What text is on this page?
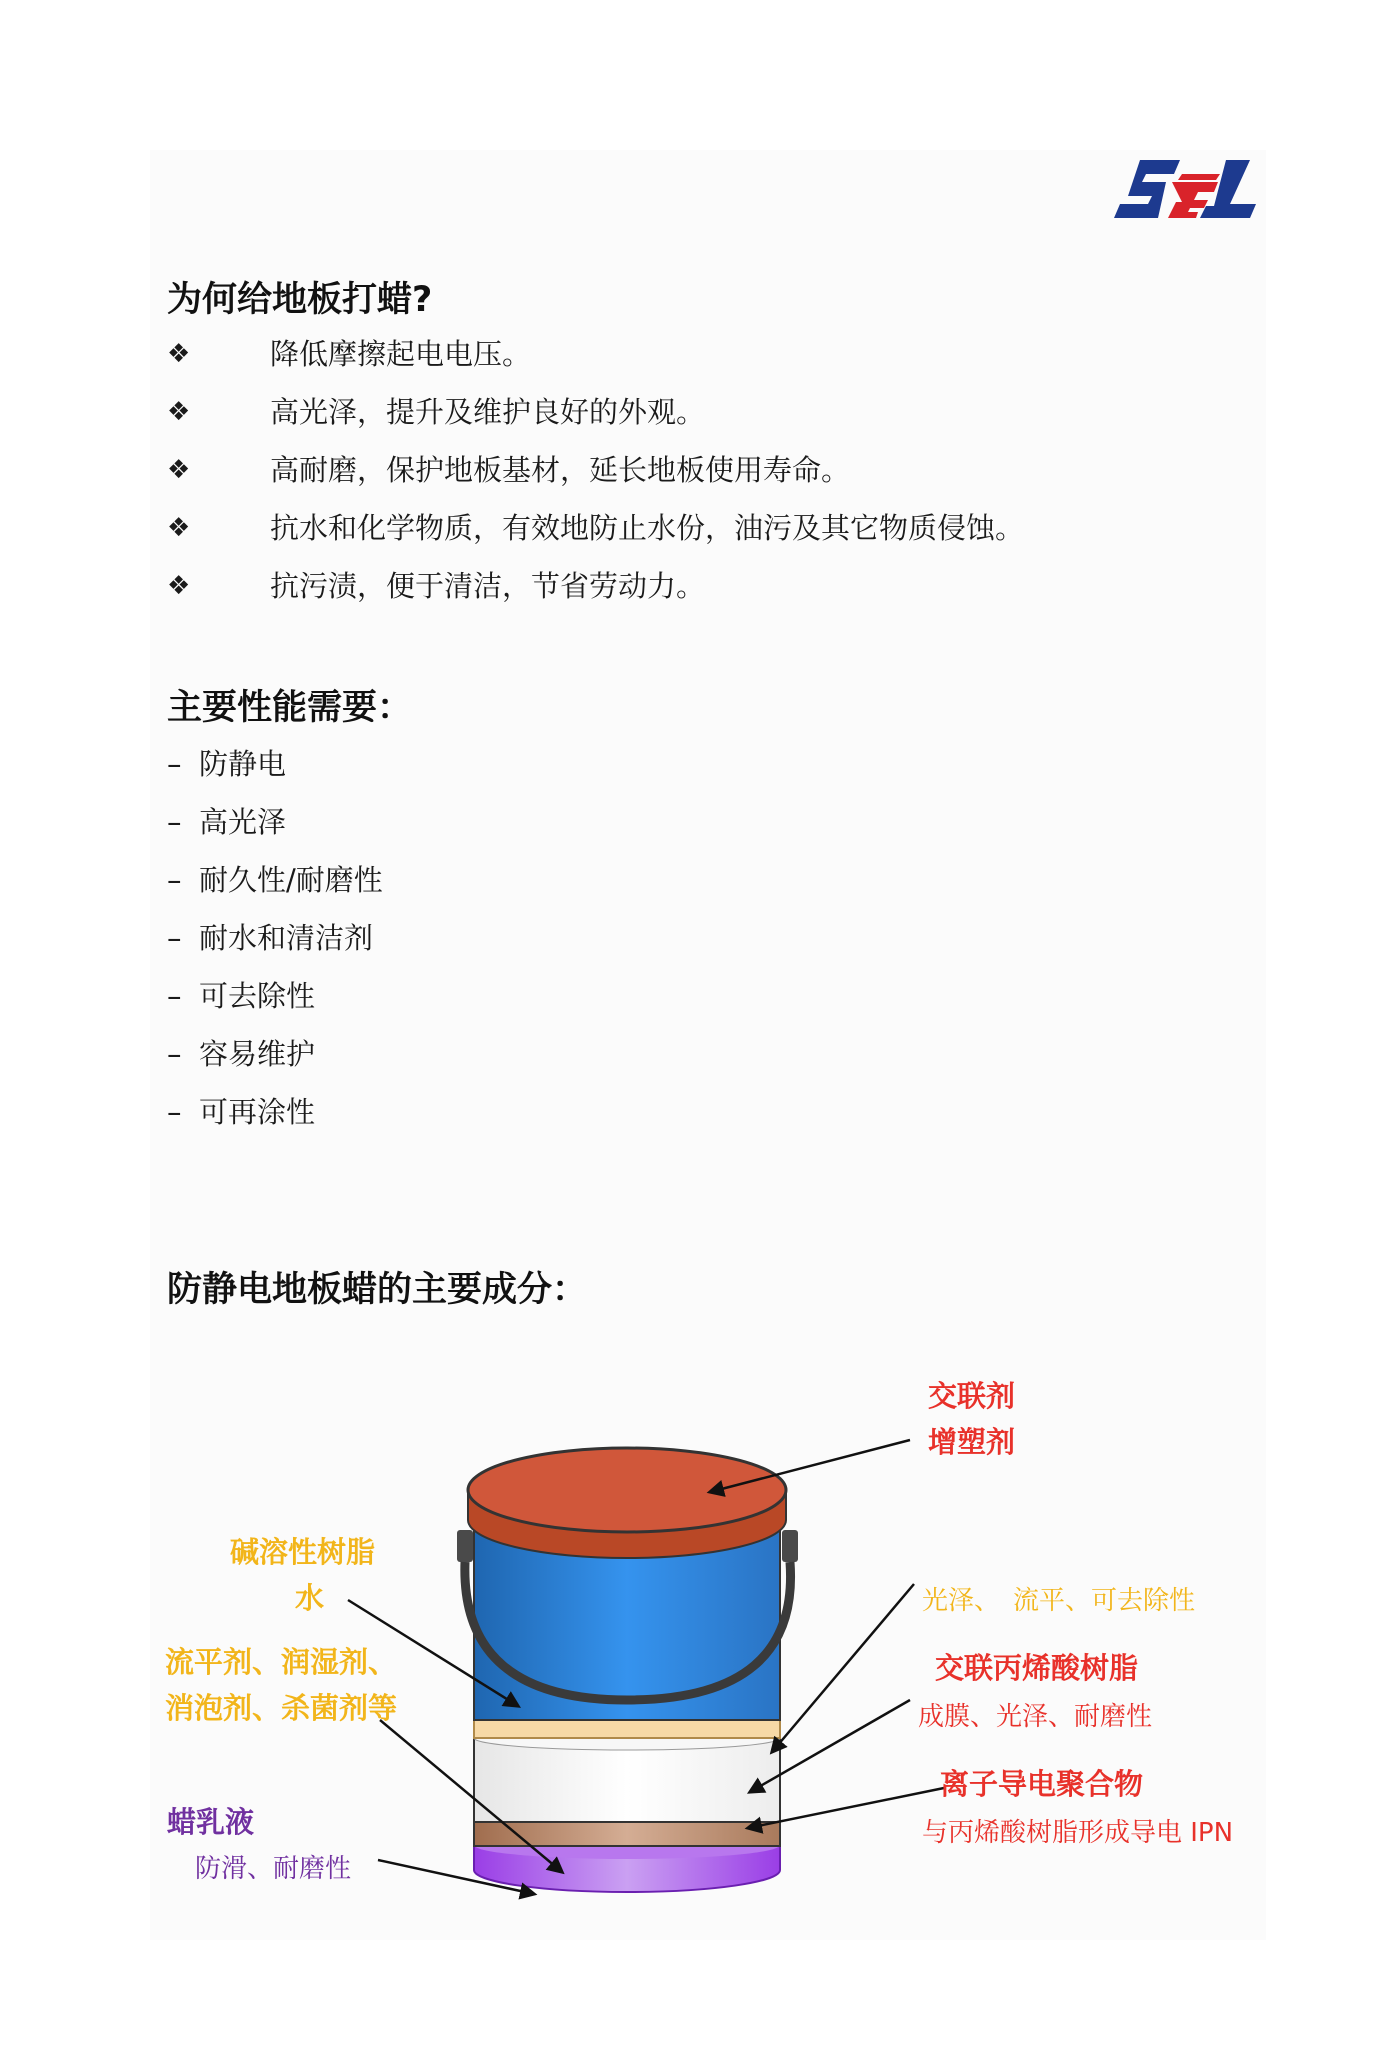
为何给地板打蜡?
❖	降低摩擦起电电压。
❖	高光泽，提升及维护良好的外观。
❖	高耐磨，保护地板基材，延长地板使用寿命。
❖	抗水和化学物质，有效地防止水份，油污及其它物质侵蚀。
❖	抗污渍，便于清洁，节省劳动力。
主要性能需要：
– 防静电
– 高光泽
– 耐久性/耐磨性
– 耐水和清洁剂
– 可去除性
– 容易维护
– 可再涂性
防静电地板蜡的主要成分：
交联剂
增塑剂
碱溶性树脂
水
流平剂、润湿剂、
消泡剂、杀菌剂等
蜡乳液
防滑、耐磨性
光泽、　流平、可去除性
交联丙烯酸树脂
成膜、光泽、耐磨性
离子导电聚合物
与丙烯酸树脂形成导电 IPN
